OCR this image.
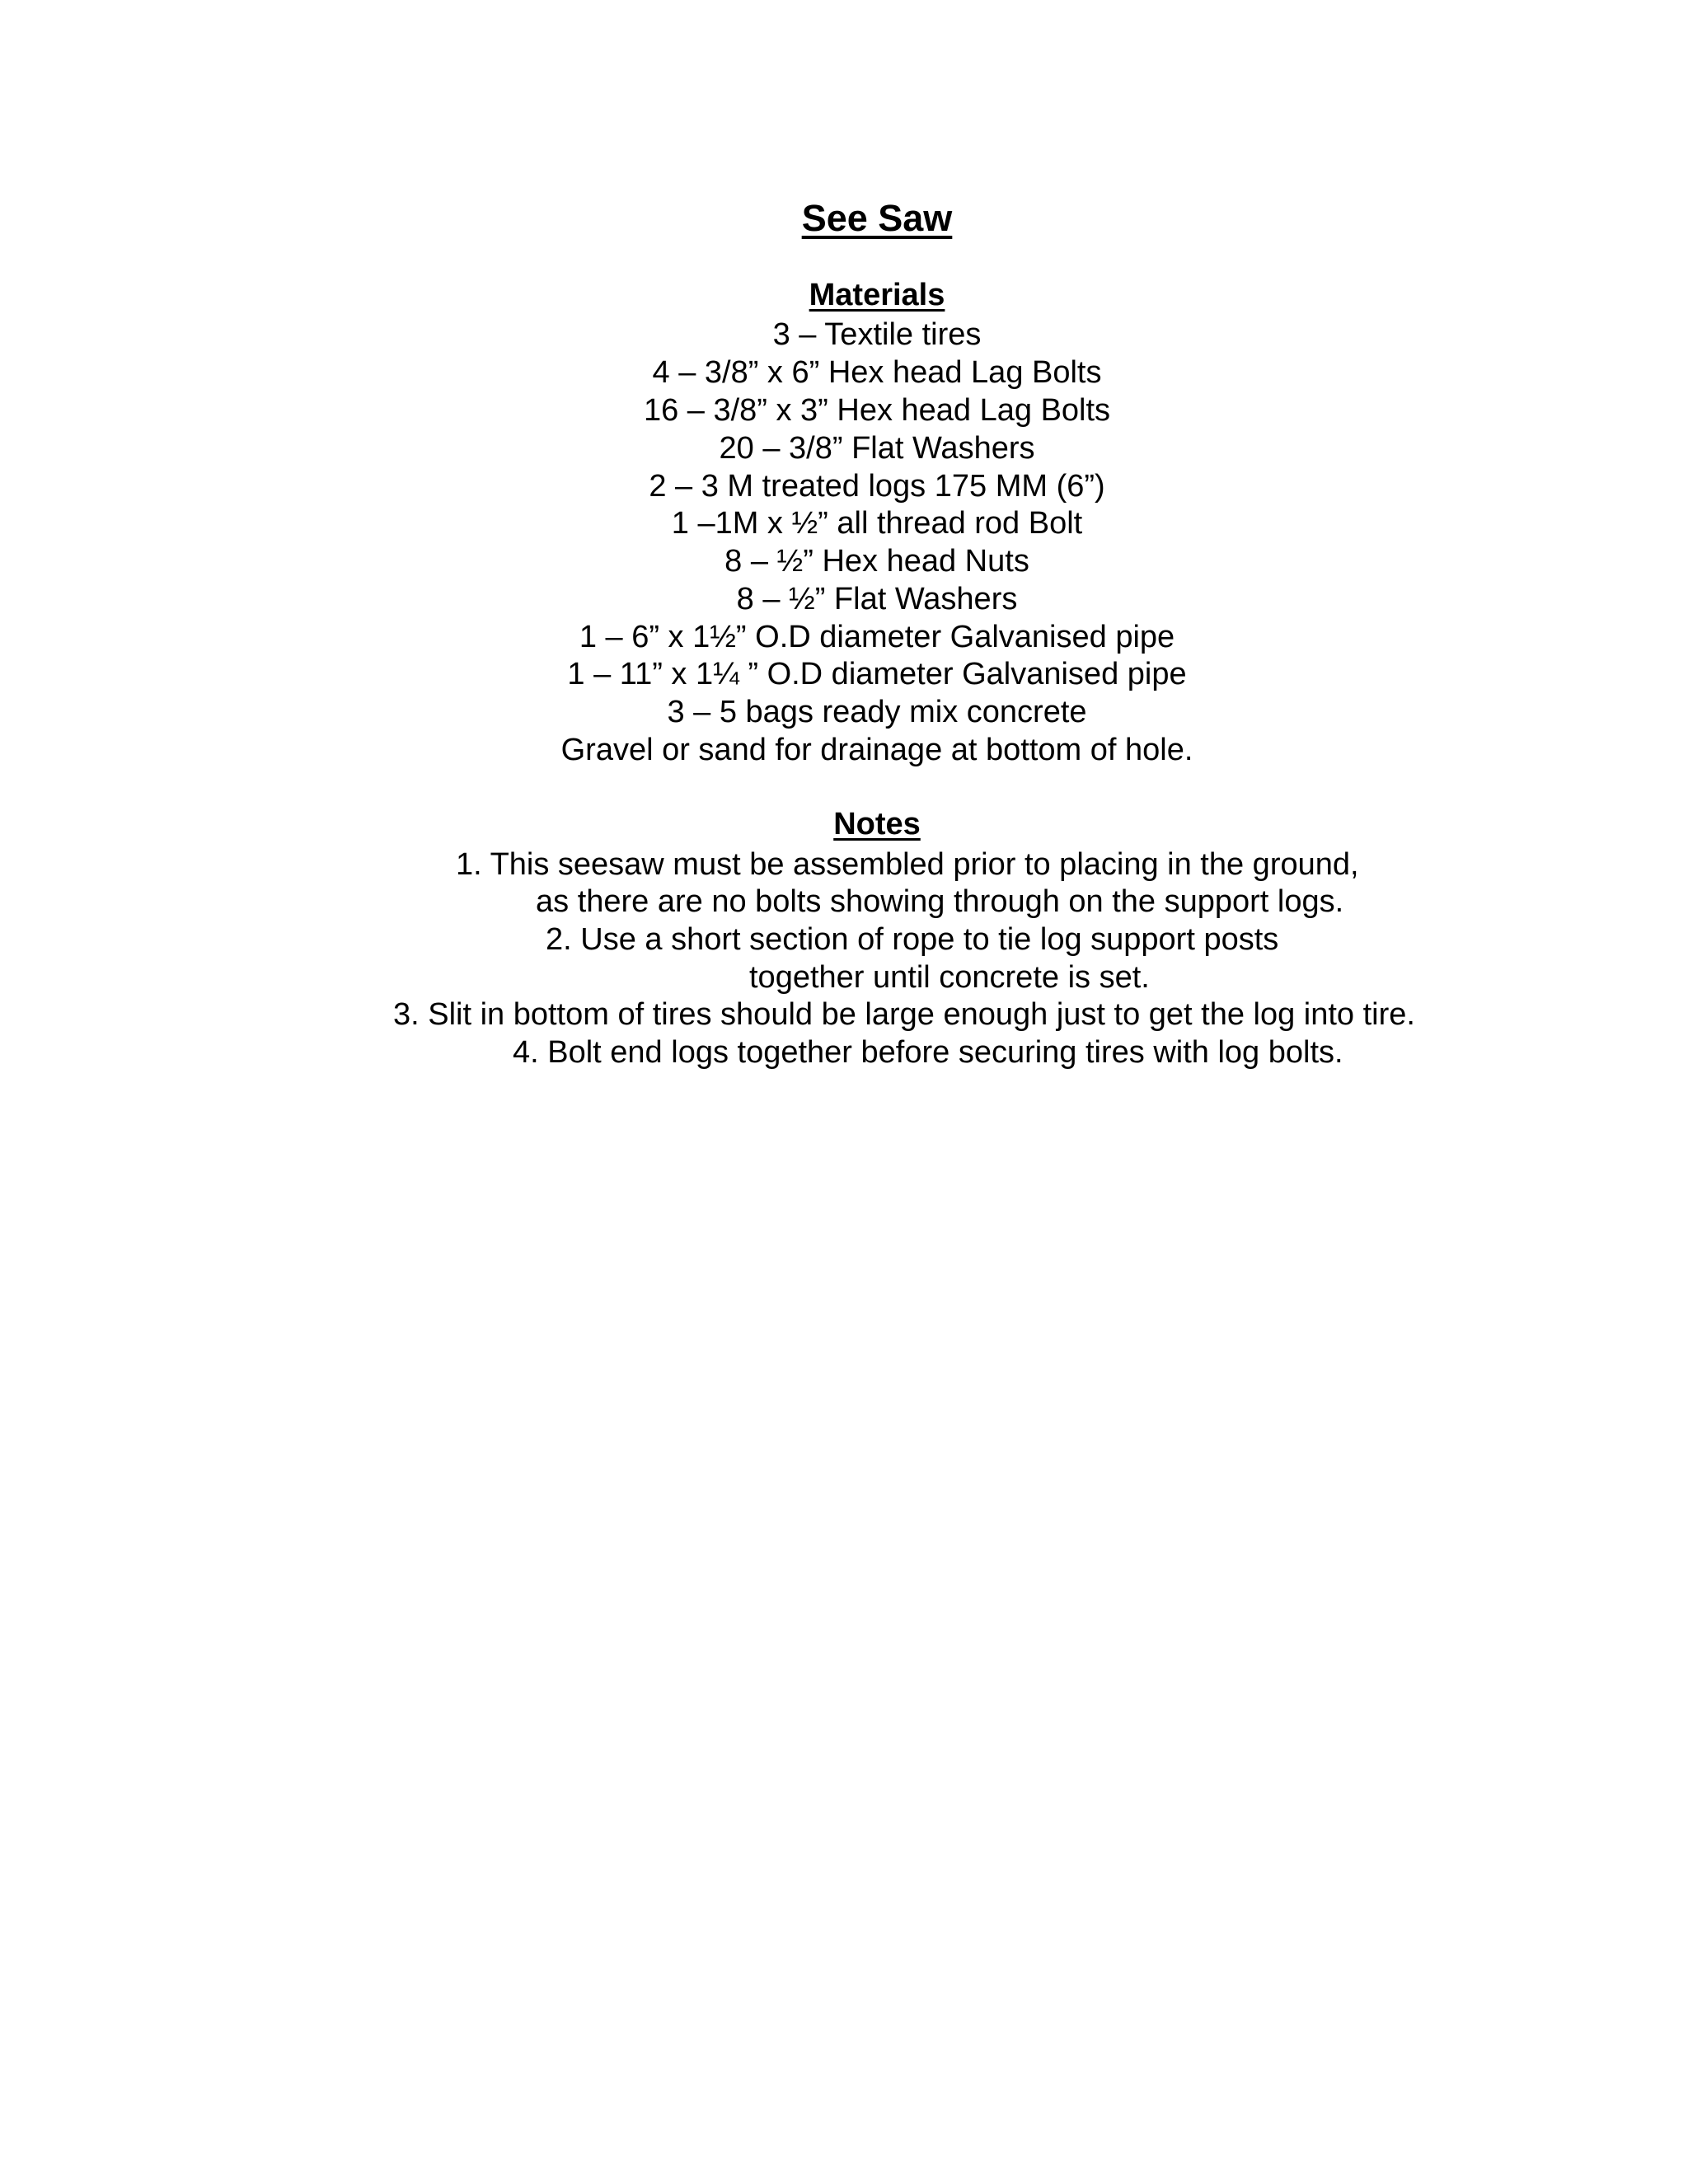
See Saw
Materials
3 – Textile tires
4 – 3/8” x 6” Hex head Lag Bolts
16 – 3/8” x 3” Hex head Lag Bolts
20 – 3/8” Flat Washers
2 – 3 M treated logs 175 MM (6”)
1 –1M x ½” all thread rod Bolt
8 – ½” Hex head Nuts
8 – ½” Flat Washers
1 – 6” x 1½” O.D diameter Galvanised pipe
1 – 11” x 1¼ ” O.D diameter Galvanised pipe
3 – 5 bags ready mix concrete
Gravel or sand for drainage at bottom of hole.
Notes
1. This seesaw must be assembled prior to placing in the ground,
as there are no bolts showing through on the support logs.
2. Use a short section of rope to tie log support posts
together until concrete is set.
3. Slit in bottom of tires should be large enough just to get the log into tire.
4. Bolt end logs together before securing tires with log bolts.
